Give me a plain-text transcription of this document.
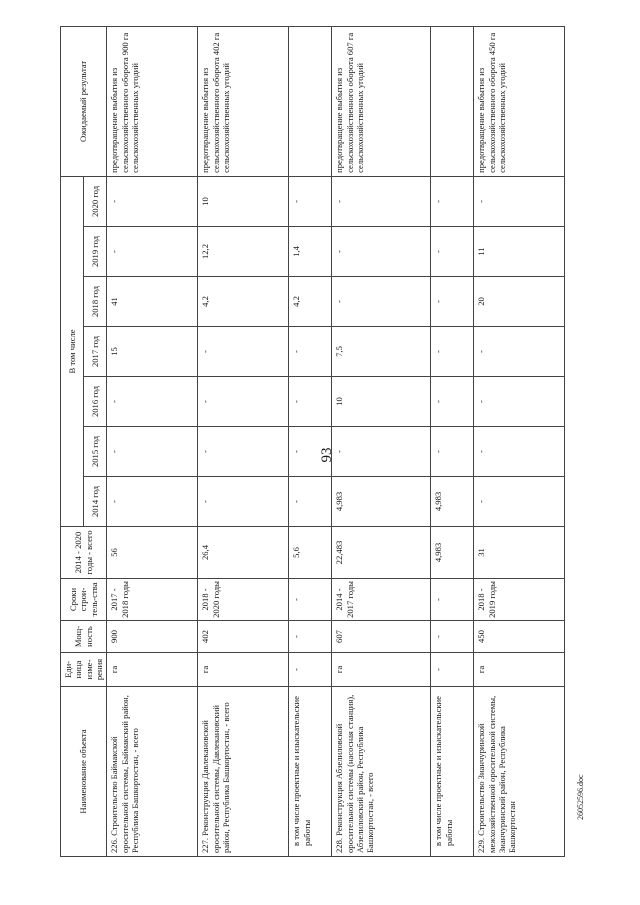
93
26052596.doc
Наименование объекта	Еди-ница изме-рения	Мощ-ность	Сроки строи-тель-ства	2014 - 2020 годы - всего	В том числе							Ожидаемый результат
					2014 год	2015 год	2016 год	2017 год	2018 год	2019 год	2020 год	
226. Строительство Баймакской оросительной системы, Баймакский район, Республика Башкортостан, - всего	га	900	2017 - 2018 годы	56	-	-	-	15	41	-	-	предотвращение выбытия из сельскохозяйственного оборота 900 га сельскохозяйственных угодий
227. Реконструкция Давлекановской оросительной системы, Давлекановский район, Республика Башкортостан, - всего	га	402	2018 - 2020 годы	26,4	-	-	-	-	4,2	12,2	10	предотвращение выбытия из сельскохозяйственного оборота 402 га сельскохозяйственных угодий
в том числе проектные и изыскательские работы	-	-	-	5,6	-	-	-	-	4,2	1,4	-	
228. Реконструкция Абзелиловской оросительной системы (насосная станция), Абзелиловский район, Республика Башкортостан, - всего	га	607	2014 - 2017 годы	22,483	4,983	-	10	7,5	-	-	-	предотвращение выбытия из сельскохозяйственного оборота 607 га сельскохозяйственных угодий
в том числе проектные и изыскательские работы	-	-	-	4,983	4,983	-	-	-	-	-	-	
229. Строительство Зианчуринской межхозяйственной оросительной системы, Зианчуринский район, Республика Башкортостан	га	450	2018 - 2019 годы	31	-	-	-	-	20	11	-	предотвращение выбытия из сельскохозяйственного оборота 450 га сельскохозяйственных угодий
